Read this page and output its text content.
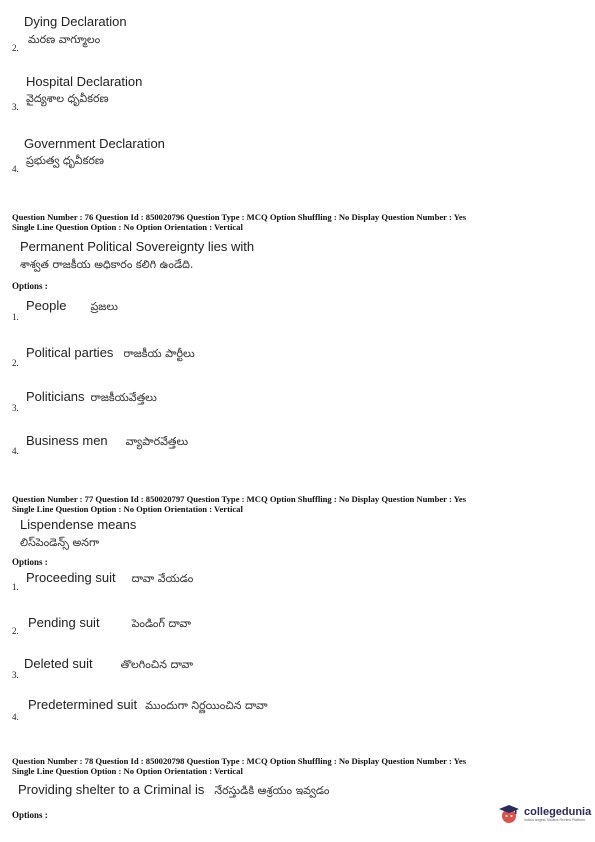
Dying Declaration
మరణ వాగ్మూలం
2.
Hospital Declaration
వైద్యశాల ధృవీకరణ
3.
Government Declaration
ప్రభుత్వ ధృవీకరణ
4.
Question Number : 76 Question Id : 850020796 Question Type : MCQ Option Shuffling : No Display Question Number : Yes
Single Line Question Option : No Option Orientation : Vertical
Permanent Political Sovereignty lies with
శాశ్వత రాజకీయ అధికారం కలిగి ఉండేది.
Options :
1.
People ప్రజలు
2.
Political parties రాజకీయ పార్టీలు
3.
Politicians రాజకీయవేత్తలు
4.
Business men వ్యాపారవేత్తలు
Question Number : 77 Question Id : 850020797 Question Type : MCQ Option Shuffling : No Display Question Number : Yes
Single Line Question Option : No Option Orientation : Vertical
Lispendense means
లిస్‌పెండెన్స్ అనగా
Options :
1.
Proceeding suit దావా వేయడం
2.
Pending suit	పెండింగ్ దావా
3.
Deleted suit	తొలగించిన దావా
4.
Predetermined suit ముందుగా నిర్ణయించిన దావా
Question Number : 78 Question Id : 850020798 Question Type : MCQ Option Shuffling : No Display Question Number : Yes
Single Line Question Option : No Option Orientation : Vertical
Providing shelter to a Criminal is నేరస్తుడికి ఆశ్రయం ఇవ్వడం
Options :	collegedunia
India's largest Student Review Platform
